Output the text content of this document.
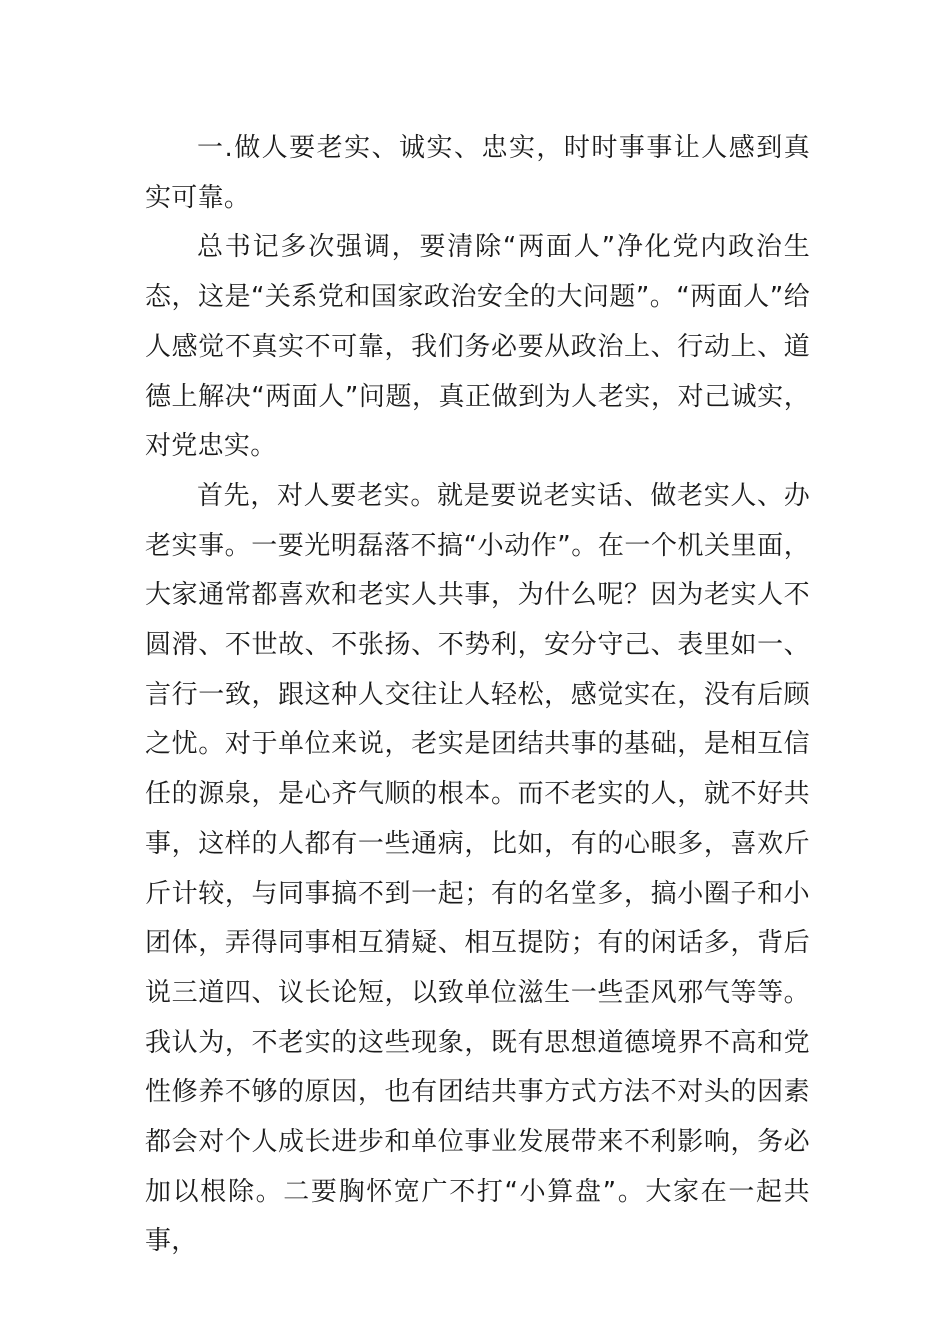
一.做人要老实、诚实、忠实，时时事事让人感到真实可靠。

总书记多次强调，要清除“两面人”净化党内政治生态，这是“关系党和国家政治安全的大问题”。“两面人”给人感觉不真实不可靠，我们务必要从政治上、行动上、道德上解决“两面人”问题，真正做到为人老实，对己诚实，对党忠实。

首先，对人要老实。就是要说老实话、做老实人、办老实事。一要光明磊落不搞“小动作”。在一个机关里面，大家通常都喜欢和老实人共事，为什么呢？因为老实人不圆滑、不世故、不张扬、不势利，安分守己、表里如一、言行一致，跟这种人交往让人轻松，感觉实在，没有后顾之忧。对于单位来说，老实是团结共事的基础，是相互信任的源泉，是心齐气顺的根本。而不老实的人，就不好共事，这样的人都有一些通病，比如，有的心眼多，喜欢斤斤计较，与同事搞不到一起；有的名堂多，搞小圈子和小团体，弄得同事相互猜疑、相互提防；有的闲话多，背后说三道四、议长论短，以致单位滋生一些歪风邪气等等。我认为，不老实的这些现象，既有思想道德境界不高和党性修养不够的原因，也有团结共事方式方法不对头的因素都会对个人成长进步和单位事业发展带来不利影响，务必加以根除。二要胸怀宽广不打“小算盘”。大家在一起共事，
